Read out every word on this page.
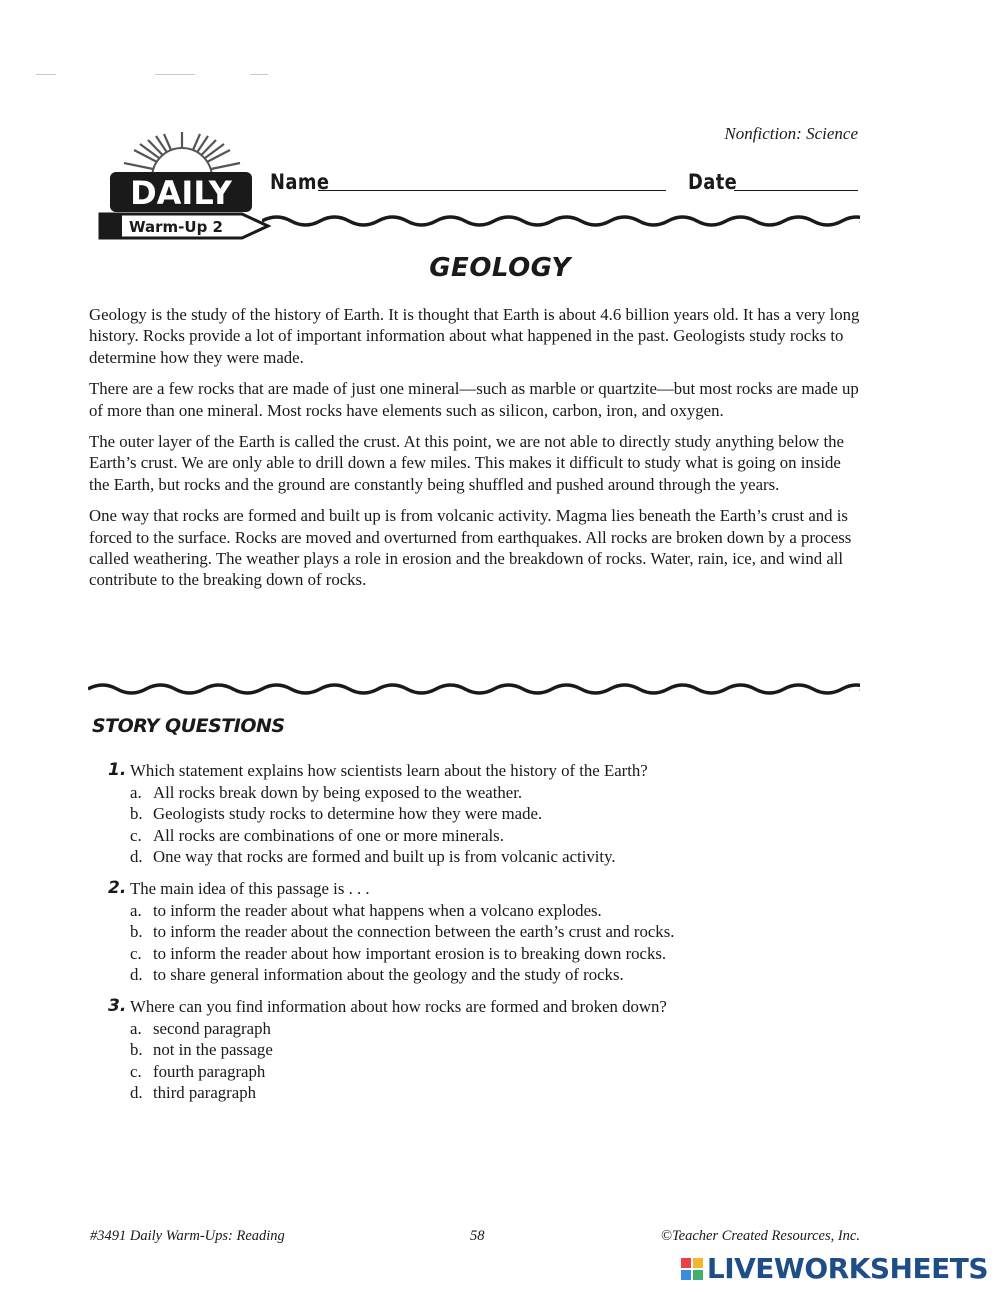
Nonfiction: Science
DAILY
Warm-Up 2
Name	Date
GEOLOGY

Geology is the study of the history of Earth. It is thought that Earth is about 4.6 billion years old. It has a very long history. Rocks provide a lot of important information about what happened in the past. Geologists study rocks to determine how they were made.

There are a few rocks that are made of just one mineral—such as marble or quartzite—but most rocks are made up of more than one mineral. Most rocks have elements such as silicon, carbon, iron, and oxygen.

The outer layer of the Earth is called the crust. At this point, we are not able to directly study anything below the Earth’s crust. We are only able to drill down a few miles. This makes it difficult to study what is going on inside the Earth, but rocks and the ground are constantly being shuffled and pushed around through the years.

One way that rocks are formed and built up is from volcanic activity. Magma lies beneath the Earth’s crust and is forced to the surface. Rocks are moved and overturned from earthquakes. All rocks are broken down by a process called weathering. The weather plays a role in erosion and the breakdown of rocks. Water, rain, ice, and wind all contribute to the breaking down of rocks.

STORY QUESTIONS
1. Which statement explains how scientists learn about the history of the Earth?
a. All rocks break down by being exposed to the weather.
b. Geologists study rocks to determine how they were made.
c. All rocks are combinations of one or more minerals.
d. One way that rocks are formed and built up is from volcanic activity.
2. The main idea of this passage is . . .
a. to inform the reader about what happens when a volcano explodes.
b. to inform the reader about the connection between the earth’s crust and rocks.
c. to inform the reader about how important erosion is to breaking down rocks.
d. to share general information about the geology and the study of rocks.
3. Where can you find information about how rocks are formed and broken down?
a. second paragraph
b. not in the passage
c. fourth paragraph
d. third paragraph
#3491 Daily Warm-Ups: Reading	58	©Teacher Created Resources, Inc.
LIVEWORKSHEETS
